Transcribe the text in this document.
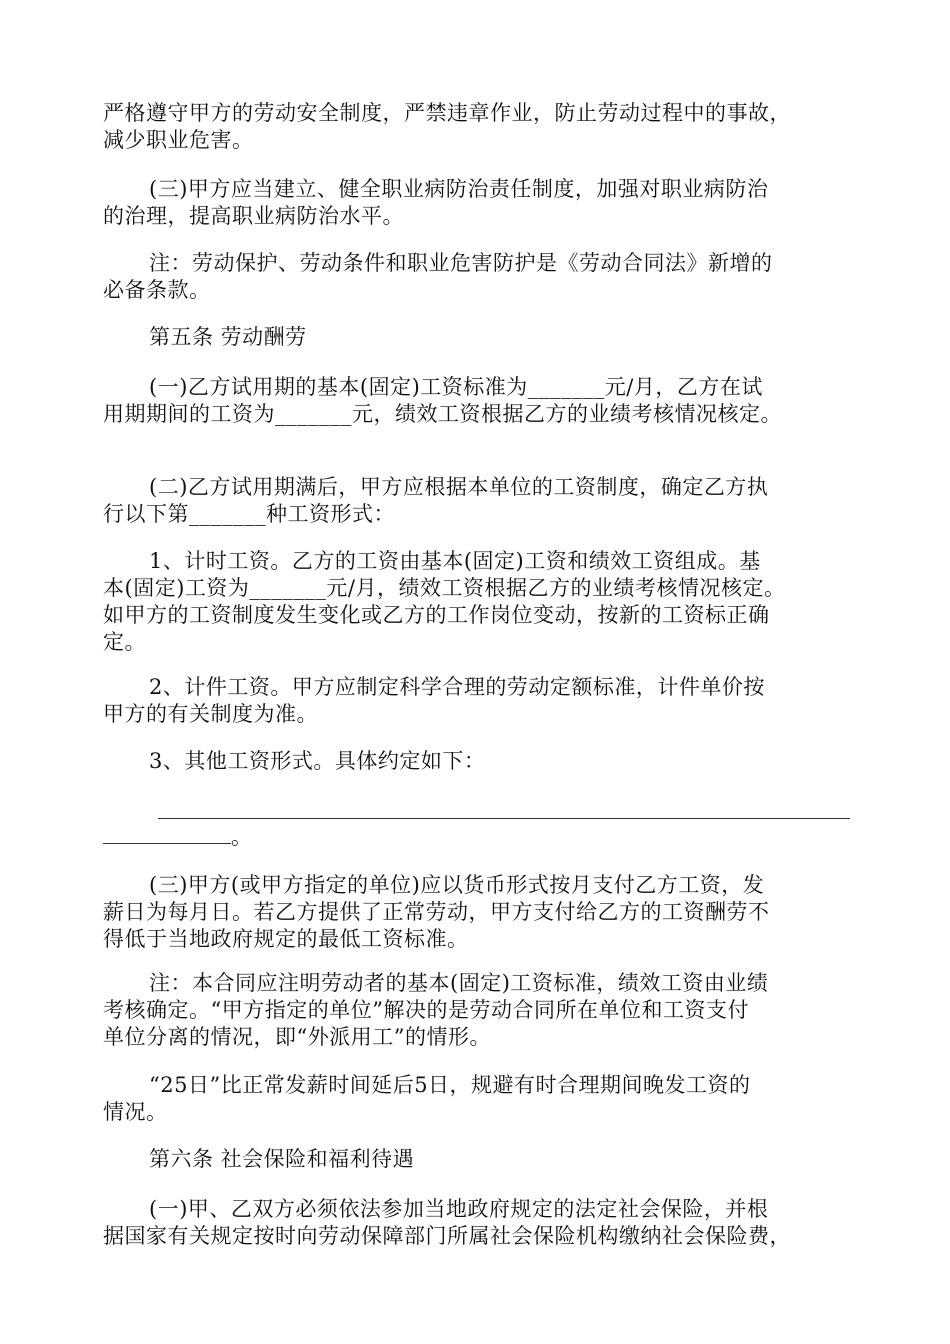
严格遵守甲方的劳动安全制度，严禁违章作业，防止劳动过程中的事故，
减少职业危害。

(三)甲方应当建立、健全职业病防治责任制度，加强对职业病防治
的治理，提高职业病防治水平。

注：劳动保护、劳动条件和职业危害防护是《劳动合同法》新增的
必备条款。

第五条 劳动酬劳

(一)乙方试用期的基本(固定)工资标准为_______元/月，乙方在试
用期期间的工资为_______元，绩效工资根据乙方的业绩考核情况核定。

(二)乙方试用期满后，甲方应根据本单位的工资制度，确定乙方执
行以下第_______种工资形式：

1、计时工资。乙方的工资由基本(固定)工资和绩效工资组成。基
本(固定)工资为_______元/月，绩效工资根据乙方的业绩考核情况核定。
如甲方的工资制度发生变化或乙方的工作岗位变动，按新的工资标正确
定。

2、计件工资。甲方应制定科学合理的劳动定额标准，计件单价按
甲方的有关制度为准。

3、其他工资形式。具体约定如下：

。

(三)甲方(或甲方指定的单位)应以货币形式按月支付乙方工资，发
薪日为每月日。若乙方提供了正常劳动，甲方支付给乙方的工资酬劳不
得低于当地政府规定的最低工资标准。

注：本合同应注明劳动者的基本(固定)工资标准，绩效工资由业绩
考核确定。“甲方指定的单位”解决的是劳动合同所在单位和工资支付
单位分离的情况，即“外派用工”的情形。

“25日”比正常发薪时间延后5日，规避有时合理期间晚发工资的
情况。

第六条 社会保险和福利待遇

(一)甲、乙双方必须依法参加当地政府规定的法定社会保险，并根
据国家有关规定按时向劳动保障部门所属社会保险机构缴纳社会保险费，
